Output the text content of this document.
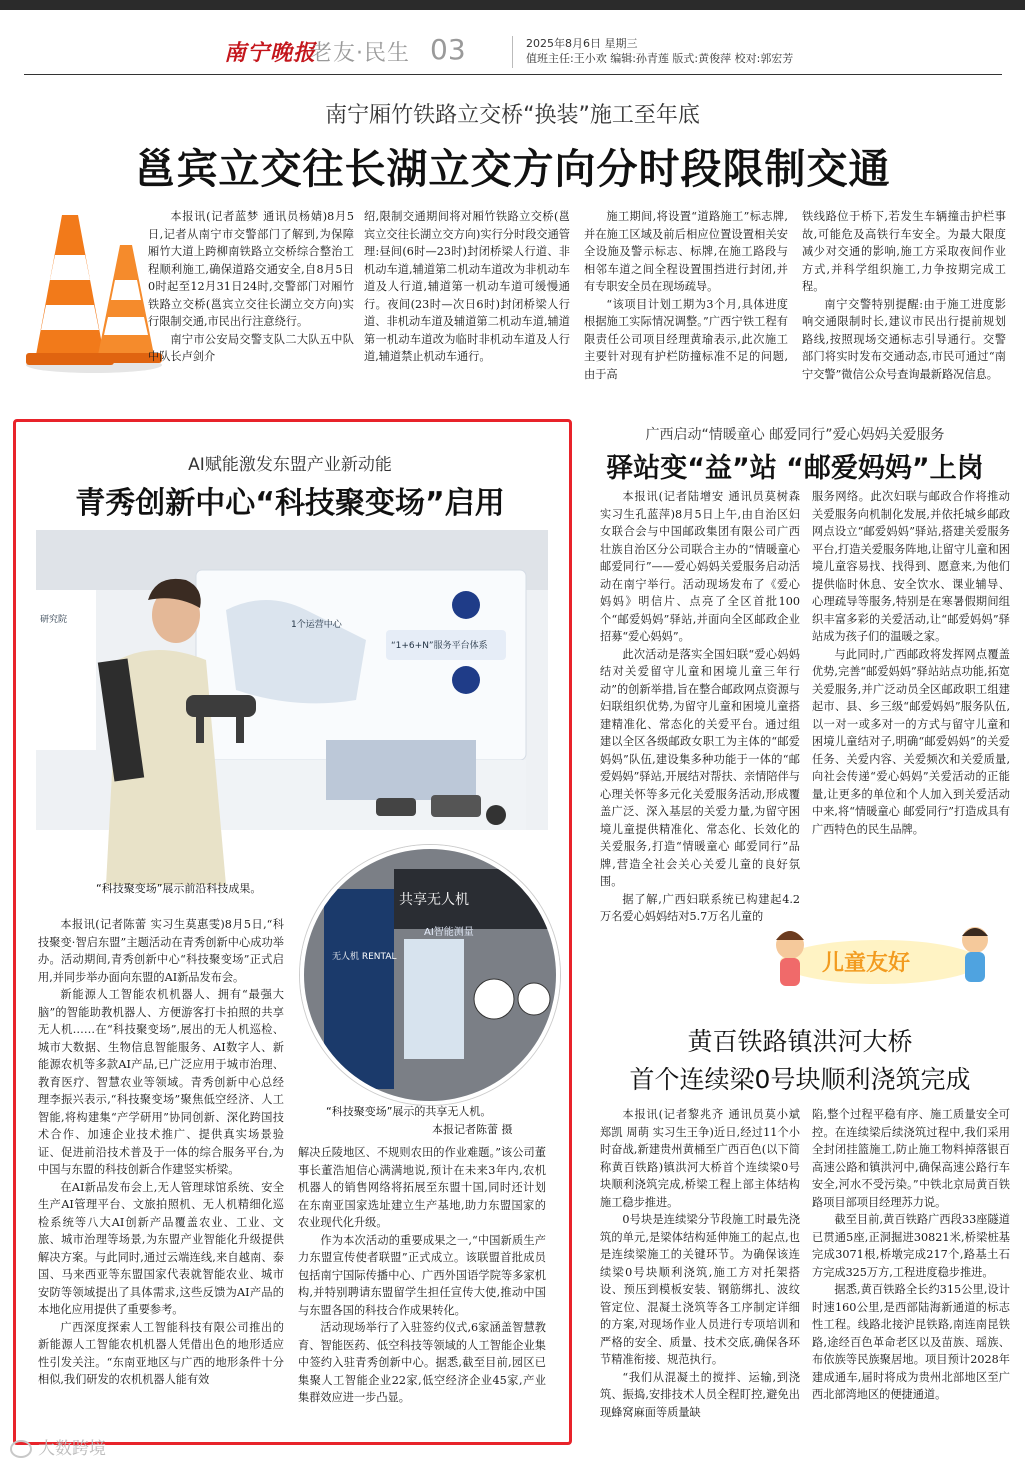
南宁晚报
老友·民生 03	2025年8月6日 星期三
值班主任:王小欢 编辑:孙青莲 版式:黄俊萍 校对:郭宏芳
南宁厢竹铁路立交桥“换装”施工至年底
邕宾立交往长湖立交方向分时段限制交通

本报讯(记者蓝梦 通讯员杨婧)8月5日,记者从南宁市交警部门了解到,为保障厢竹大道上跨柳南铁路立交桥综合整治工程顺利施工,确保道路交通安全,自8月5日0时起至12月31日24时,交警部门对厢竹铁路立交桥(邕宾立交往长湖立交方向)实行限制交通,市民出行注意绕行。

南宁市公安局交警支队二大队五中队中队长卢剑介

绍,限制交通期间将对厢竹铁路立交桥(邕宾立交往长湖立交方向)实行分时段交通管理:昼间(6时—23时)封闭桥梁人行道、非机动车道,辅道第二机动车道改为非机动车道及人行道,辅道第一机动车道可缓慢通行。夜间(23时—次日6时)封闭桥梁人行道、非机动车道及辅道第二机动车道,辅道第一机动车道改为临时非机动车道及人行道,辅道禁止机动车通行。

施工期间,将设置“道路施工”标志牌,并在施工区域及前后相应位置设置相关安全设施及警示标志、标牌,在施工路段与相邻车道之间全程设置围挡进行封闭,并有专职安全员在现场疏导。

“该项目计划工期为3个月,具体进度根据施工实际情况调整。”广西宁铁工程有限责任公司项目经理黄瑜表示,此次施工主要针对现有护栏防撞标准不足的问题,由于高

铁线路位于桥下,若发生车辆撞击护栏事故,可能危及高铁行车安全。为最大限度减少对交通的影响,施工方采取夜间作业方式,并科学组织施工,力争按期完成工程。

南宁交警特别提醒:由于施工进度影响交通限制时长,建议市民出行提前规划路线,按照现场交通标志引导通行。交警部门将实时发布交通动态,市民可通过“南宁交警”微信公众号查询最新路况信息。

AI赋能激发东盟产业新动能
青秀创新中心“科技聚变场”启用
1个运营中心
“1+6+N”服务平台体系
研究院
“科技聚变场”展示前沿科技成果。
共享无人机
无人机 RENTAL
AI智能测量
“科技聚变场”展示的共享无人机。
本报记者陈蕾 摄

本报讯(记者陈蕾 实习生莫惠雯)8月5日,“科技聚变·智启东盟”主题活动在青秀创新中心成功举办。活动期间,青秀创新中心“科技聚变场”正式启用,并同步举办面向东盟的AI新品发布会。

新能源人工智能农机机器人、拥有“最强大脑”的智能助教机器人、方便游客打卡拍照的共享无人机……在“科技聚变场”,展出的无人机巡检、城市大数据、生物信息智能服务、AI数字人、新能源农机等多款AI产品,已广泛应用于城市治理、教育医疗、智慧农业等领域。青秀创新中心总经理李振兴表示,“科技聚变场”聚焦低空经济、人工智能,将构建集“产学研用”协同创新、深化跨国技术合作、加速企业技术推广、提供真实场景验证、促进前沿技术普及于一体的综合服务平台,为中国与东盟的科技创新合作建竖实桥梁。

在AI新品发布会上,无人管理球馆系统、安全生产AI管理平台、文旅拍照机、无人机精细化巡检系统等八大AI创新产品覆盖农业、工业、文旅、城市治理等场景,为东盟产业智能化升级提供解决方案。与此同时,通过云端连线,来自越南、泰国、马来西亚等东盟国家代表就智能农业、城市安防等领域提出了具体需求,这些反馈为AI产品的本地化应用提供了重要参考。

广西深度探索人工智能科技有限公司推出的新能源人工智能农机机器人凭借出色的地形适应性引发关注。“东南亚地区与广西的地形条件十分相似,我们研发的农机机器人能有效

解决丘陵地区、不规则农田的作业难题。”该公司董事长董浩旭信心满满地说,预计在未来3年内,农机机器人的销售网络将拓展至东盟十国,同时还计划在东南亚国家选址建立生产基地,助力东盟国家的农业现代化升级。

作为本次活动的重要成果之一,“中国新质生产力东盟宣传使者联盟”正式成立。该联盟首批成员包括南宁国际传播中心、广西外国语学院等多家机构,并特别聘请东盟留学生担任宣传大使,推动中国与东盟各国的科技合作成果转化。

活动现场举行了入驻签约仪式,6家涵盖智慧教育、智能医药、低空科技等领域的人工智能企业集中签约入驻青秀创新中心。据悉,截至目前,园区已集聚人工智能企业22家,低空经济企业45家,产业集群效应进一步凸显。

广西启动“情暖童心 邮爱同行”爱心妈妈关爱服务
驿站变“益”站 “邮爱妈妈”上岗

本报讯(记者陆增安 通讯员莫树森 实习生孔蓝萍)8月5日上午,由自治区妇女联合会与中国邮政集团有限公司广西壮族自治区分公司联合主办的“情暖童心 邮爱同行”——爱心妈妈关爱服务启动活动在南宁举行。活动现场发布了《爱心妈妈》明信片、点亮了全区首批100个“邮爱妈妈”驿站,并面向全区邮政企业招募“爱心妈妈”。

此次活动是落实全国妇联“爱心妈妈结对关爱留守儿童和困境儿童三年行动”的创新举措,旨在整合邮政网点资源与妇联组织优势,为留守儿童和困境儿童搭建精准化、常态化的关爱平台。通过组建以全区各级邮政女职工为主体的“邮爱妈妈”队伍,建设集多种功能于一体的“邮爱妈妈”驿站,开展结对帮扶、亲情陪伴与心理关怀等多元化关爱服务活动,形成覆盖广泛、深入基层的关爱力量,为留守困境儿童提供精准化、常态化、长效化的关爱服务,打造“情暖童心 邮爱同行”品牌,营造全社会关心关爱儿童的良好氛围。

据了解,广西妇联系统已构建起4.2万名爱心妈妈结对5.7万名儿童的

服务网络。此次妇联与邮政合作将推动关爱服务向机制化发展,并依托城乡邮政网点设立“邮爱妈妈”驿站,搭建关爱服务平台,打造关爱服务阵地,让留守儿童和困境儿童容易找、找得到、愿意来,为他们提供临时休息、安全饮水、课业辅导、心理疏导等服务,特别是在寒暑假期间组织丰富多彩的关爱活动,让“邮爱妈妈”驿站成为孩子们的温暖之家。

与此同时,广西邮政将发挥网点覆盖优势,完善“邮爱妈妈”驿站站点功能,拓宽关爱服务,并广泛动员全区邮政职工组建起市、县、乡三级“邮爱妈妈”服务队伍,以一对一或多对一的方式与留守儿童和困境儿童结对子,明确“邮爱妈妈”的关爱任务、关爱内容、关爱频次和关爱质量,向社会传递“爱心妈妈”关爱活动的正能量,让更多的单位和个人加入到关爱活动中来,将“情暖童心 邮爱同行”打造成具有广西特色的民生品牌。

儿童友好
黄百铁路镇洪河大桥
首个连续梁0号块顺利浇筑完成

本报讯(记者黎兆齐 通讯员莫小斌 郑凯 周萌 实习生王争)近日,经过11个小时奋战,新建贵州黄桶至广西百色(以下简称黄百铁路)镇洪河大桥首个连续梁0号块顺利浇筑完成,桥梁工程上部主体结构施工稳步推进。

0号块是连续梁分节段施工时最先浇筑的单元,是梁体结构延伸施工的起点,也是连续梁施工的关键环节。为确保该连续梁0号块顺利浇筑,施工方对托架搭设、预压到模板安装、钢筋绑扎、波纹管定位、混凝土浇筑等各工序制定详细的方案,对现场作业人员进行专项培训和严格的安全、质量、技术交底,确保各环节精准衔接、规范执行。

“我们从混凝土的搅拌、运输,到浇筑、振捣,安排技术人员全程盯控,避免出现蜂窝麻面等质量缺

陷,整个过程平稳有序、施工质量安全可控。在连续梁后续浇筑过程中,我们采用全封闭挂篮施工,防止施工物料掉落银百高速公路和镇洪河中,确保高速公路行车安全,河水不受污染。”中铁北京局黄百铁路项目部项目经理苏力说。

截至目前,黄百铁路广西段33座隧道已贯通5座,正洞掘进30821米,桥梁桩基完成3071根,桥墩完成217个,路基土石方完成325万方,工程进度稳步推进。

据悉,黄百铁路全长约315公里,设计时速160公里,是西部陆海新通道的标志性工程。线路北接沪昆铁路,南连南昆铁路,途经百色革命老区以及苗族、瑶族、布依族等民族聚居地。项目预计2028年建成通车,届时将成为贵州北部地区至广西北部湾地区的便捷通道。

大数跨境
